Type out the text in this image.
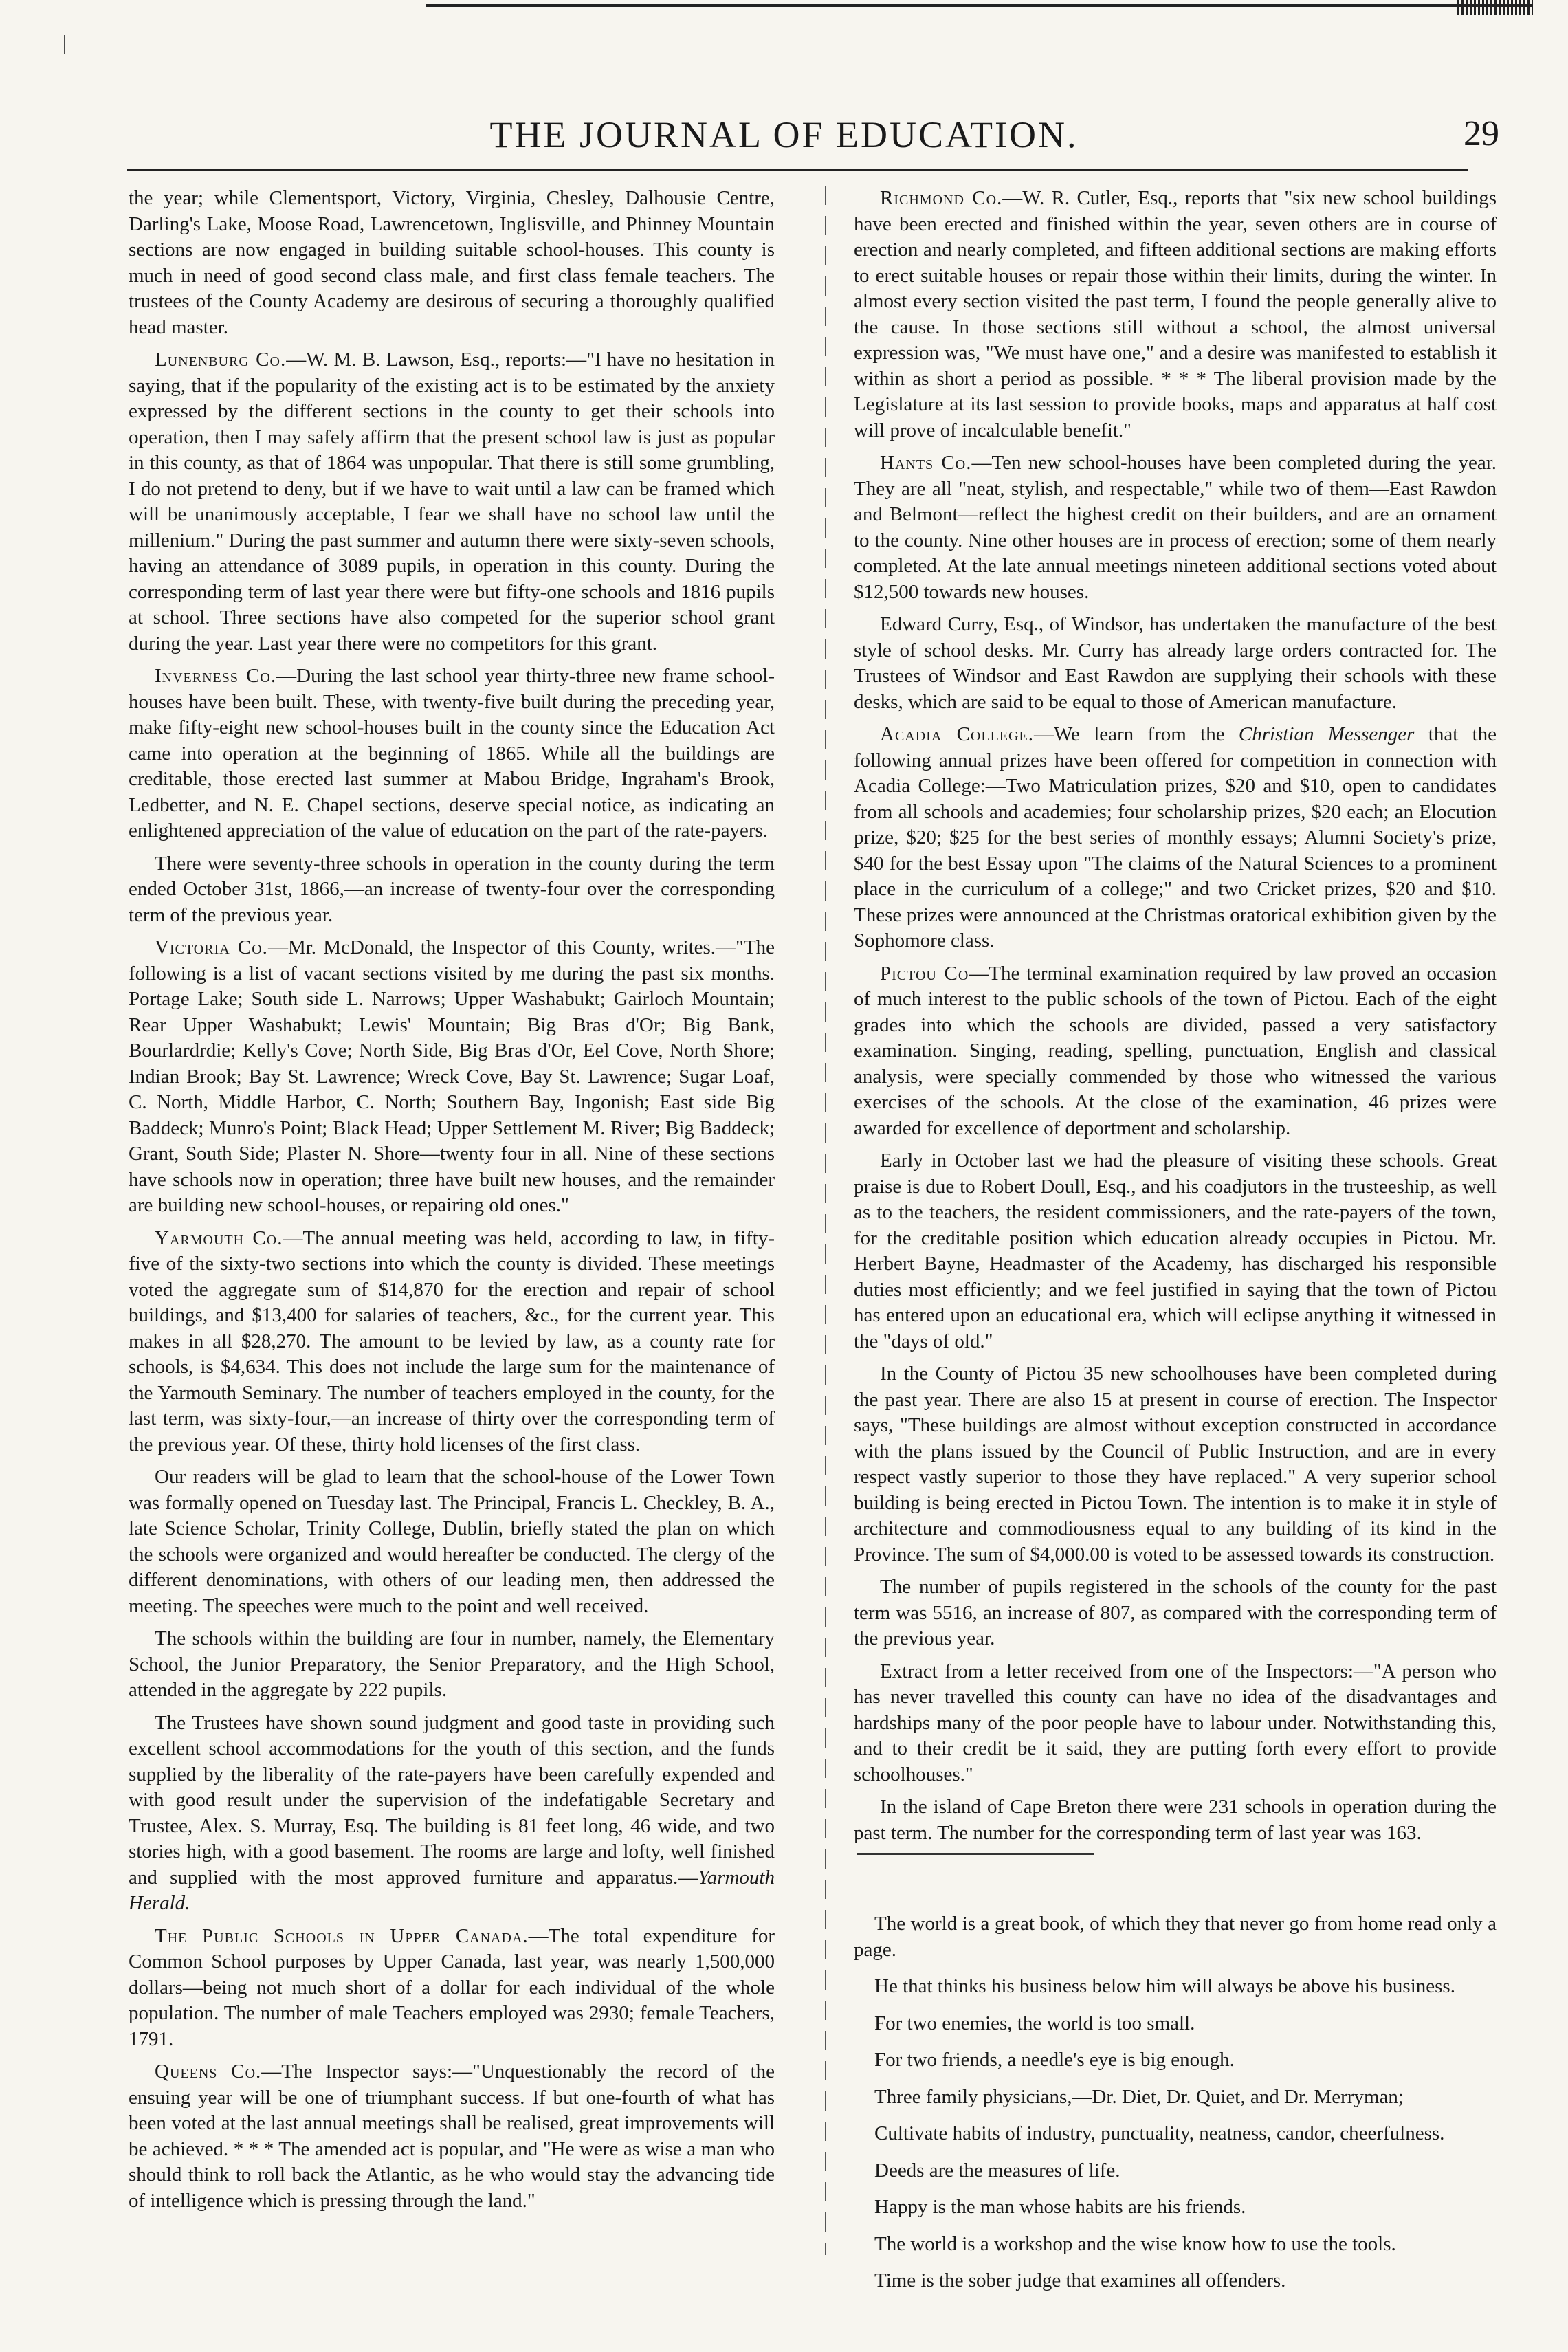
ǀ
THE JOURNAL OF EDUCATION.	29

the year; while Clementsport, Victory, Virginia, Chesley, Dalhousie Centre, Darling's Lake, Moose Road, Lawrencetown, Inglisville, and Phinney Mountain sections are now engaged in building suitable school-houses. This county is much in need of good second class male, and first class female teachers. The trustees of the County Academy are desirous of securing a thoroughly qualified head master.

Lunenburg Co.—W. M. B. Lawson, Esq., reports:—"I have no hesitation in saying, that if the popularity of the existing act is to be estimated by the anxiety expressed by the different sections in the county to get their schools into operation, then I may safely affirm that the present school law is just as popular in this county, as that of 1864 was unpopular. That there is still some grumbling, I do not pretend to deny, but if we have to wait until a law can be framed which will be unanimously acceptable, I fear we shall have no school law until the millenium." During the past summer and autumn there were sixty-seven schools, having an attendance of 3089 pupils, in operation in this county. During the corresponding term of last year there were but fifty-one schools and 1816 pupils at school. Three sections have also competed for the superior school grant during the year. Last year there were no competitors for this grant.

Inverness Co.—During the last school year thirty-three new frame school-houses have been built. These, with twenty-five built during the preceding year, make fifty-eight new school-houses built in the county since the Education Act came into operation at the beginning of 1865. While all the buildings are creditable, those erected last summer at Mabou Bridge, Ingraham's Brook, Ledbetter, and N. E. Chapel sections, deserve special notice, as indicating an enlightened appreciation of the value of education on the part of the rate-payers.

There were seventy-three schools in operation in the county during the term ended October 31st, 1866,—an increase of twenty-four over the corresponding term of the previous year.

Victoria Co.—Mr. McDonald, the Inspector of this County, writes.—"The following is a list of vacant sections visited by me during the past six months. Portage Lake; South side L. Narrows; Upper Washabukt; Gairloch Mountain; Rear Upper Washabukt; Lewis' Mountain; Big Bras d'Or; Big Bank, Bourlardrdie; Kelly's Cove; North Side, Big Bras d'Or, Eel Cove, North Shore; Indian Brook; Bay St. Lawrence; Wreck Cove, Bay St. Lawrence; Sugar Loaf, C. North, Middle Harbor, C. North; Southern Bay, Ingonish; East side Big Baddeck; Munro's Point; Black Head; Upper Settlement M. River; Big Baddeck; Grant, South Side; Plaster N. Shore—twenty four in all. Nine of these sections have schools now in operation; three have built new houses, and the remainder are building new school-houses, or repairing old ones."

Yarmouth Co.—The annual meeting was held, according to law, in fifty-five of the sixty-two sections into which the county is divided. These meetings voted the aggregate sum of $14,870 for the erection and repair of school buildings, and $13,400 for salaries of teachers, &c., for the current year. This makes in all $28,270. The amount to be levied by law, as a county rate for schools, is $4,634. This does not include the large sum for the maintenance of the Yarmouth Seminary. The number of teachers employed in the county, for the last term, was sixty-four,—an increase of thirty over the corresponding term of the previous year. Of these, thirty hold licenses of the first class.

Our readers will be glad to learn that the school-house of the Lower Town was formally opened on Tuesday last. The Principal, Francis L. Checkley, B. A., late Science Scholar, Trinity College, Dublin, briefly stated the plan on which the schools were organized and would hereafter be conducted. The clergy of the different denominations, with others of our leading men, then addressed the meeting. The speeches were much to the point and well received.

The schools within the building are four in number, namely, the Elementary School, the Junior Preparatory, the Senior Preparatory, and the High School, attended in the aggregate by 222 pupils.

The Trustees have shown sound judgment and good taste in providing such excellent school accommodations for the youth of this section, and the funds supplied by the liberality of the rate-payers have been carefully expended and with good result under the supervision of the indefatigable Secretary and Trustee, Alex. S. Murray, Esq. The building is 81 feet long, 46 wide, and two stories high, with a good basement. The rooms are large and lofty, well finished and supplied with the most approved furniture and apparatus.—Yarmouth Herald.

The Public Schools in Upper Canada.—The total expenditure for Common School purposes by Upper Canada, last year, was nearly 1,500,000 dollars—being not much short of a dollar for each individual of the whole population. The number of male Teachers employed was 2930; female Teachers, 1791.

Queens Co.—The Inspector says:—"Unquestionably the record of the ensuing year will be one of triumphant success. If but one-fourth of what has been voted at the last annual meetings shall be realised, great improvements will be achieved. * * * The amended act is popular, and "He were as wise a man who should think to roll back the Atlantic, as he who would stay the advancing tide of intelligence which is pressing through the land."

Richmond Co.—W. R. Cutler, Esq., reports that "six new school buildings have been erected and finished within the year, seven others are in course of erection and nearly completed, and fifteen additional sections are making efforts to erect suitable houses or repair those within their limits, during the winter. In almost every section visited the past term, I found the people generally alive to the cause. In those sections still without a school, the almost universal expression was, "We must have one," and a desire was manifested to establish it within as short a period as possible. * * * The liberal provision made by the Legislature at its last session to provide books, maps and apparatus at half cost will prove of incalculable benefit."

Hants Co.—Ten new school-houses have been completed during the year. They are all "neat, stylish, and respectable," while two of them—East Rawdon and Belmont—reflect the highest credit on their builders, and are an ornament to the county. Nine other houses are in process of erection; some of them nearly completed. At the late annual meetings nineteen additional sections voted about $12,500 towards new houses.

Edward Curry, Esq., of Windsor, has undertaken the manufacture of the best style of school desks. Mr. Curry has already large orders contracted for. The Trustees of Windsor and East Rawdon are supplying their schools with these desks, which are said to be equal to those of American manufacture.

Acadia College.—We learn from the Christian Messenger that the following annual prizes have been offered for competition in connection with Acadia College:—Two Matriculation prizes, $20 and $10, open to candidates from all schools and academies; four scholarship prizes, $20 each; an Elocution prize, $20; $25 for the best series of monthly essays; Alumni Society's prize, $40 for the best Essay upon "The claims of the Natural Sciences to a prominent place in the curriculum of a college;" and two Cricket prizes, $20 and $10. These prizes were announced at the Christmas oratorical exhibition given by the Sophomore class.

Pictou Co—The terminal examination required by law proved an occasion of much interest to the public schools of the town of Pictou. Each of the eight grades into which the schools are divided, passed a very satisfactory examination. Singing, reading, spelling, punctuation, English and classical analysis, were specially commended by those who witnessed the various exercises of the schools. At the close of the examination, 46 prizes were awarded for excellence of deportment and scholarship.

Early in October last we had the pleasure of visiting these schools. Great praise is due to Robert Doull, Esq., and his coadjutors in the trusteeship, as well as to the teachers, the resident commissioners, and the rate-payers of the town, for the creditable position which education already occupies in Pictou. Mr. Herbert Bayne, Headmaster of the Academy, has discharged his responsible duties most efficiently; and we feel justified in saying that the town of Pictou has entered upon an educational era, which will eclipse anything it witnessed in the "days of old."

In the County of Pictou 35 new schoolhouses have been completed during the past year. There are also 15 at present in course of erection. The Inspector says, "These buildings are almost without exception constructed in accordance with the plans issued by the Council of Public Instruction, and are in every respect vastly superior to those they have replaced." A very superior school building is being erected in Pictou Town. The intention is to make it in style of architecture and commodiousness equal to any building of its kind in the Province. The sum of $4,000.00 is voted to be assessed towards its construction.

The number of pupils registered in the schools of the county for the past term was 5516, an increase of 807, as compared with the corresponding term of the previous year.

Extract from a letter received from one of the Inspectors:—"A person who has never travelled this county can have no idea of the disadvantages and hardships many of the poor people have to labour under. Notwithstanding this, and to their credit be it said, they are putting forth every effort to provide schoolhouses."

In the island of Cape Breton there were 231 schools in operation during the past term. The number for the corresponding term of last year was 163.

The world is a great book, of which they that never go from home read only a page.

He that thinks his business below him will always be above his business.

For two enemies, the world is too small.

For two friends, a needle's eye is big enough.

Three family physicians,—Dr. Diet, Dr. Quiet, and Dr. Merryman;

Cultivate habits of industry, punctuality, neatness, candor, cheerfulness.

Deeds are the measures of life.

Happy is the man whose habits are his friends.

The world is a workshop and the wise know how to use the tools.

Time is the sober judge that examines all offenders.
